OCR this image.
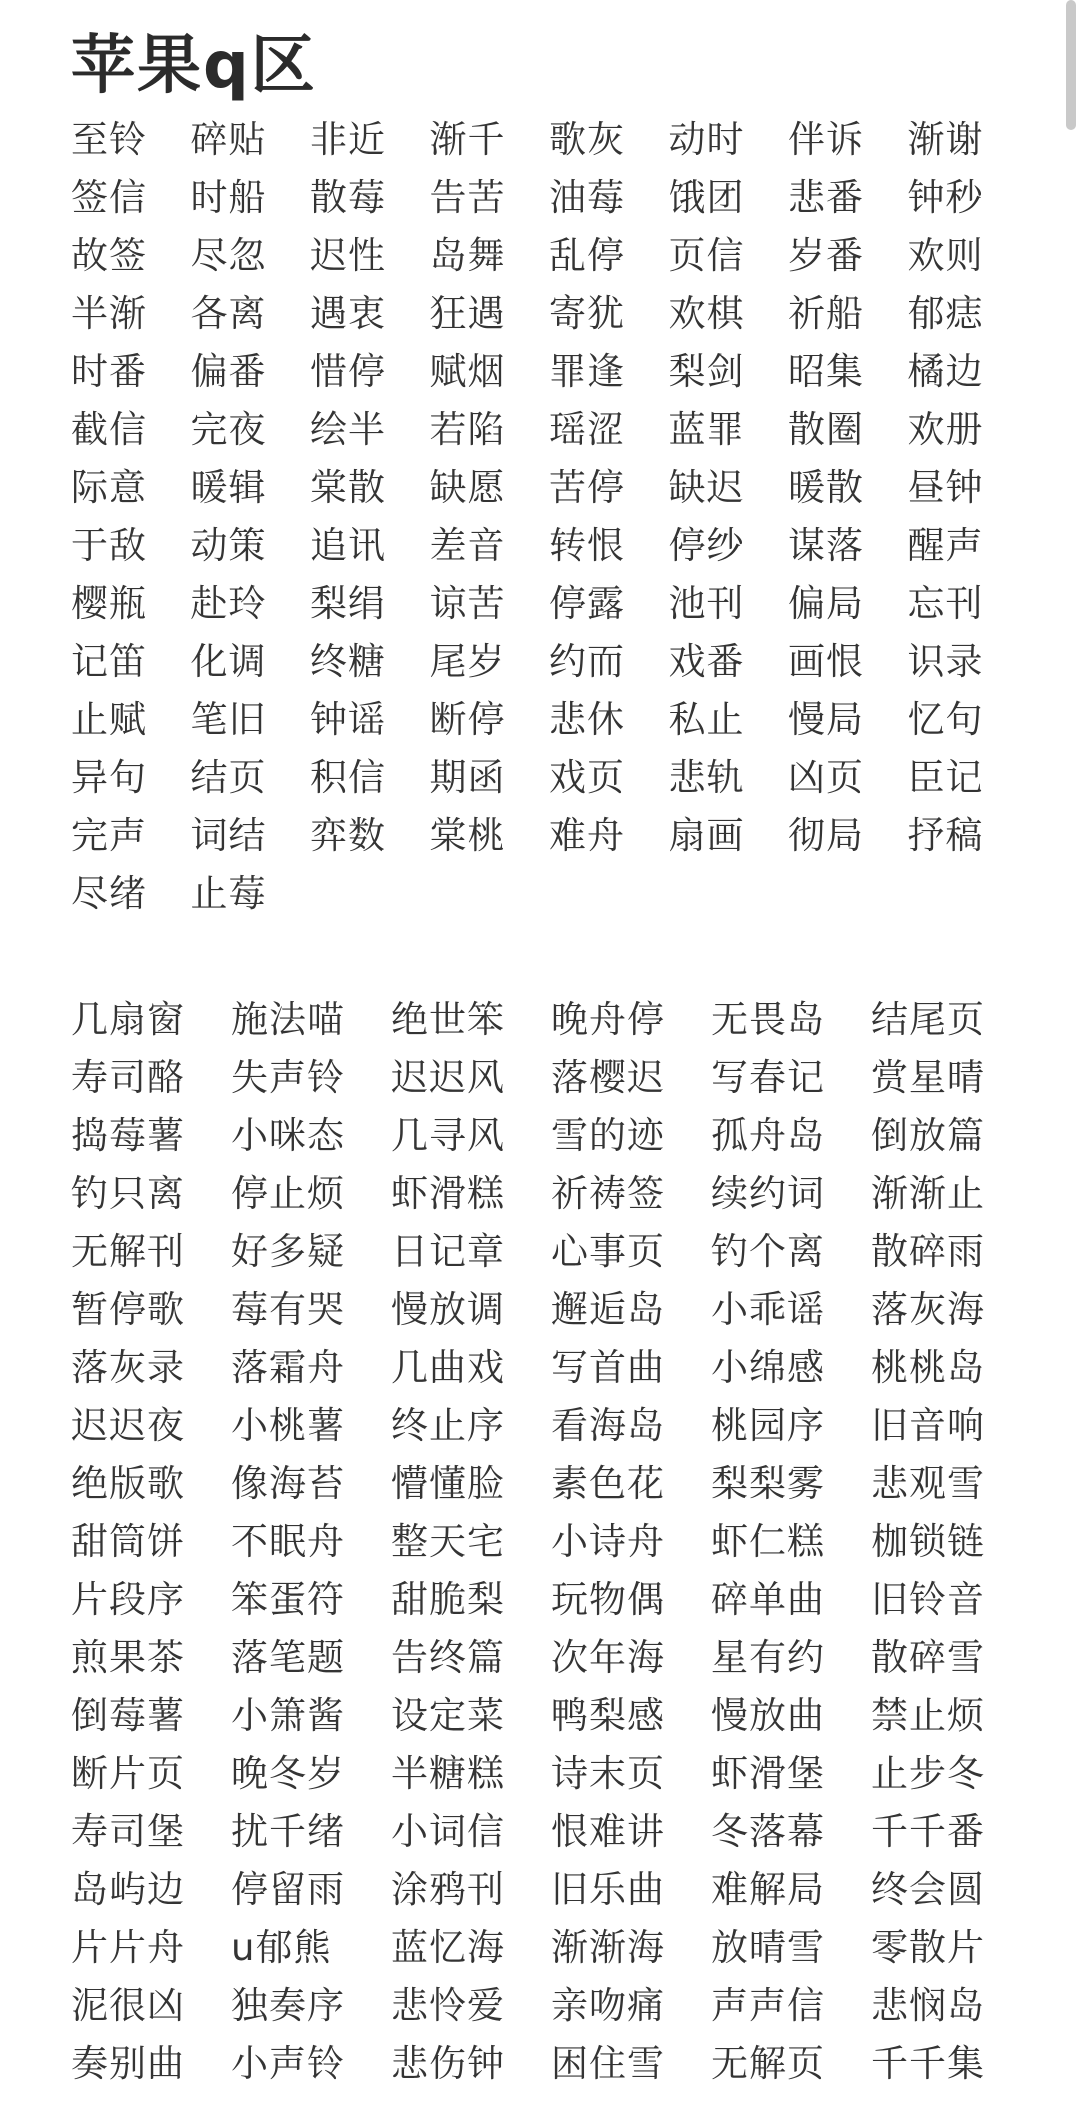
苹果q区
至铃	碎贴	非近	渐千	歌灰	动时	伴诉	渐谢
签信	时船	散莓	告苦	油莓	饿团	悲番	钟秒
故签	尽忽	迟性	岛舞	乱停	页信	岁番	欢则
半渐	各离	遇衷	狂遇	寄犹	欢棋	祈船	郁痣
时番	偏番	惜停	赋烟	罪逢	梨剑	昭集	橘边
截信	完夜	绘半	若陷	瑶涩	蓝罪	散圈	欢册
际意	暖辑	棠散	缺愿	苦停	缺迟	暖散	昼钟
于敌	动策	追讯	差音	转恨	停纱	谋落	醒声
樱瓶	赴玲	梨绢	谅苦	停露	池刊	偏局	忘刊
记笛	化调	终糖	尾岁	约而	戏番	画恨	识录
止赋	笔旧	钟谣	断停	悲休	私止	慢局	忆句
异句	结页	积信	期函	戏页	悲轨	凶页	臣记
完声	词结	弈数	棠桃	难舟	扇画	彻局	抒稿
尽绪	止莓
几扇窗	施法喵	绝世笨	晚舟停	无畏岛	结尾页
寿司酪	失声铃	迟迟风	落樱迟	写春记	赏星晴
捣莓薯	小咪态	几寻风	雪的迹	孤舟岛	倒放篇
钓只离	停止烦	虾滑糕	祈祷签	续约词	渐渐止
无解刊	好多疑	日记章	心事页	钓个离	散碎雨
暂停歌	莓有哭	慢放调	邂逅岛	小乖谣	落灰海
落灰录	落霜舟	几曲戏	写首曲	小绵感	桃桃岛
迟迟夜	小桃薯	终止序	看海岛	桃园序	旧音响
绝版歌	像海苔	懵懂脸	素色花	梨梨雾	悲观雪
甜筒饼	不眠舟	整天宅	小诗舟	虾仁糕	枷锁链
片段序	笨蛋符	甜脆梨	玩物偶	碎单曲	旧铃音
煎果茶	落笔题	告终篇	次年海	星有约	散碎雪
倒莓薯	小箫酱	设定菜	鸭梨感	慢放曲	禁止烦
断片页	晚冬岁	半糖糕	诗末页	虾滑堡	止步冬
寿司堡	扰千绪	小词信	恨难讲	冬落幕	千千番
岛屿边	停留雨	涂鸦刊	旧乐曲	难解局	终会圆
片片舟	u郁熊	蓝忆海	渐渐海	放晴雪	零散片
泥很凶	独奏序	悲怜爱	亲吻痛	声声信	悲悯岛
奏别曲	小声铃	悲伤钟	困住雪	无解页	千千集
